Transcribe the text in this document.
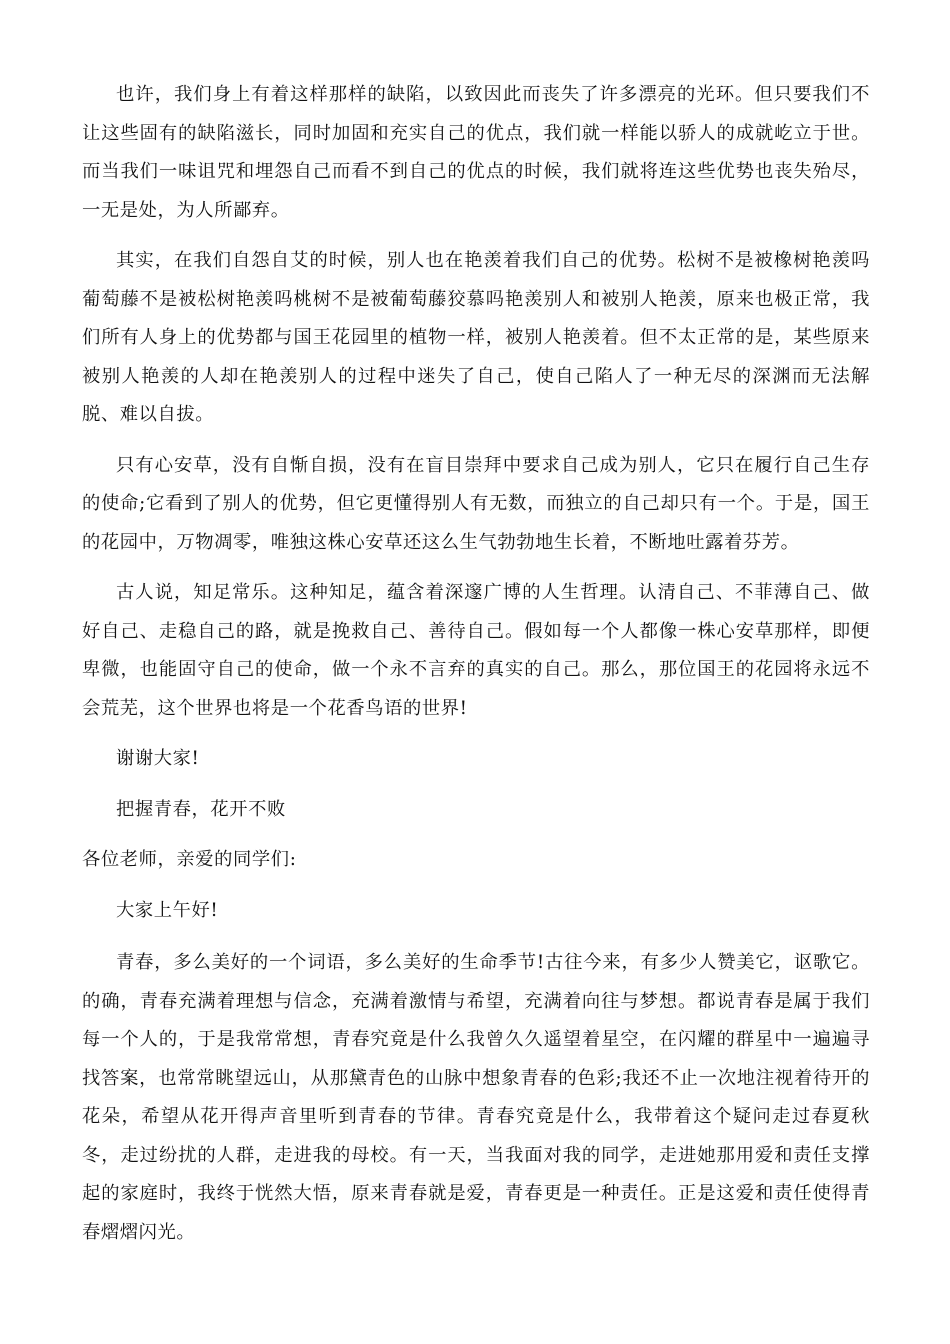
也许，我们身上有着这样那样的缺陷，以致因此而丧失了许多漂亮的光环。但只要我们不让这些固有的缺陷滋长，同时加固和充实自己的优点，我们就一样能以骄人的成就屹立于世。而当我们一味诅咒和埋怨自己而看不到自己的优点的时候，我们就将连这些优势也丧失殆尽，一无是处，为人所鄙弃。

其实，在我们自怨自艾的时候，别人也在艳羡着我们自己的优势。松树不是被橡树艳羡吗葡萄藤不是被松树艳羡吗桃树不是被葡萄藤狡慕吗艳羡别人和被别人艳羡，原来也极正常，我们所有人身上的优势都与国王花园里的植物一样，被别人艳羡着。但不太正常的是，某些原来被别人艳羡的人却在艳羡别人的过程中迷失了自己，使自己陷人了一种无尽的深渊而无法解脱、难以自拔。

只有心安草，没有自惭自损，没有在盲目崇拜中要求自己成为别人，它只在履行自己生存的使命;它看到了别人的优势，但它更懂得别人有无数，而独立的自己却只有一个。于是，国王的花园中，万物凋零，唯独这株心安草还这么生气勃勃地生长着，不断地吐露着芬芳。

古人说，知足常乐。这种知足，蕴含着深邃广博的人生哲理。认清自己、不菲薄自己、做好自己、走稳自己的路，就是挽救自己、善待自己。假如每一个人都像一株心安草那样，即便卑微，也能固守自己的使命，做一个永不言弃的真实的自己。那么，那位国王的花园将永远不会荒芜，这个世界也将是一个花香鸟语的世界!

谢谢大家!

把握青春，花开不败

各位老师，亲爱的同学们:

大家上午好!

青春，多么美好的一个词语，多么美好的生命季节!古往今来，有多少人赞美它，讴歌它。的确，青春充满着理想与信念，充满着激情与希望，充满着向往与梦想。都说青春是属于我们每一个人的，于是我常常想，青春究竟是什么我曾久久遥望着星空，在闪耀的群星中一遍遍寻找答案，也常常眺望远山，从那黛青色的山脉中想象青春的色彩;我还不止一次地注视着待开的花朵，希望从花开得声音里听到青春的节律。青春究竟是什么，我带着这个疑问走过春夏秋冬，走过纷扰的人群，走进我的母校。有一天，当我面对我的同学，走进她那用爱和责任支撑起的家庭时，我终于恍然大悟，原来青春就是爱，青春更是一种责任。正是这爱和责任使得青春熠熠闪光。
